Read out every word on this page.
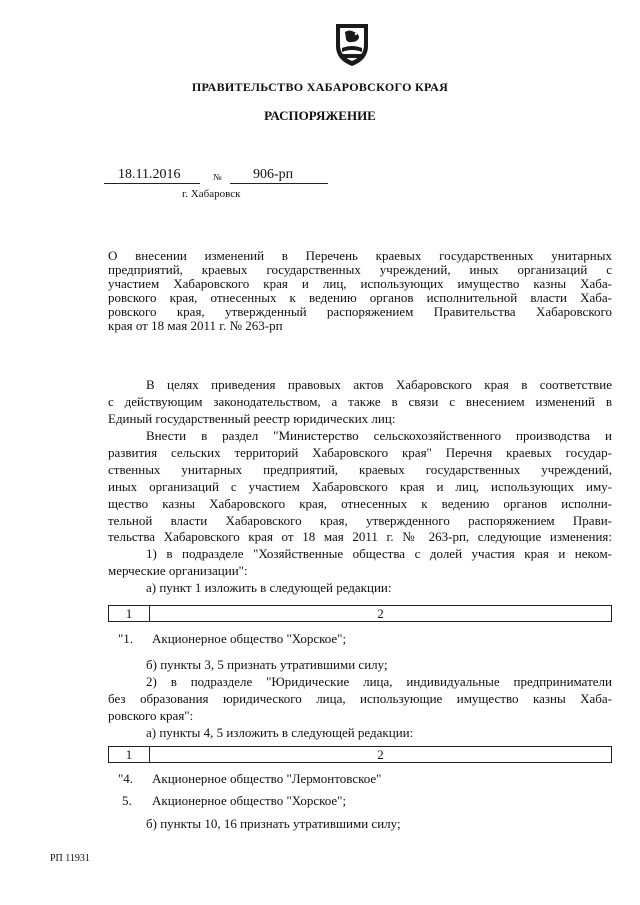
ПРАВИТЕЛЬСТВО ХАБАРОВСКОГО КРАЯ
РАСПОРЯЖЕНИЕ
18.11.2016	№ 906-рп
г. Хабаровск
О внесении изменений в Перечень краевых государственных унитарных
предприятий, краевых государственных учреждений, иных организаций с
участием Хабаровского края и лиц, использующих имущество казны Хаба-
ровского края, отнесенных к ведению органов исполнительной власти Хаба-
ровского края, утвержденный распоряжением Правительства Хабаровского
края от 18 мая 2011 г. № 263-рп
В целях приведения правовых актов Хабаровского края в соответствие
с действующим законодательством, а также в связи с внесением изменений в
Единый государственный реестр юридических лиц:
Внести в раздел "Министерство сельскохозяйственного производства и
развития сельских территорий Хабаровского края" Перечня краевых государ-
ственных унитарных предприятий, краевых государственных учреждений,
иных организаций с участием Хабаровского края и лиц, использующих иму-
щество казны Хабаровского края, отнесенных к ведению органов исполни-
тельной власти Хабаровского края, утвержденного распоряжением Прави-
тельства Хабаровского края от 18 мая 2011 г. № 263-рп, следующие изменения:
1) в подразделе "Хозяйственные общества с долей участия края и неком-
мерческие организации":
а) пункт 1 изложить в следующей редакции:
1	2
"1. Акционерное общество "Хорское";
б) пункты 3, 5 признать утратившими силу;
2) в подразделе "Юридические лица, индивидуальные предприниматели
без образования юридического лица, использующие имущество казны Хаба-
ровского края":
а) пункты 4, 5 изложить в следующей редакции:
1	2
"4. Акционерное общество "Лермонтовское"
5. Акционерное общество "Хорское";
б) пункты 10, 16 признать утратившими силу;
РП 11931
